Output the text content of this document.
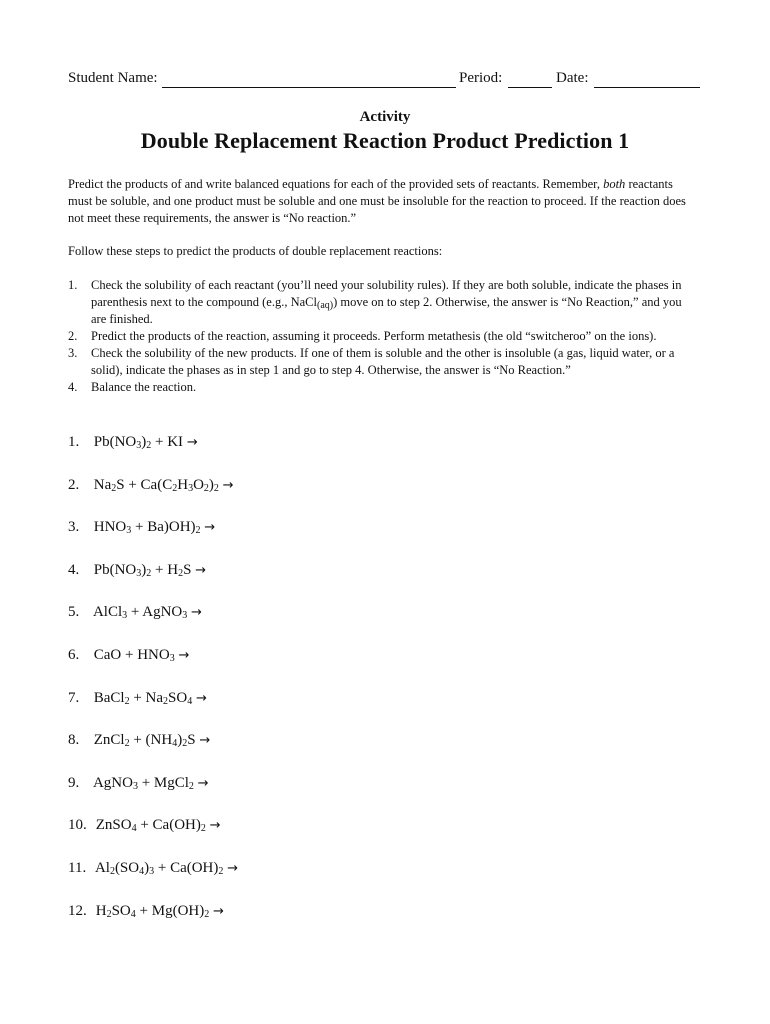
Student Name:	Period:	Date:
Activity
Double Replacement Reaction Product Prediction 1

Predict the products of and write balanced equations for each of the provided sets of reactants. Remember, both reactants must be soluble, and one product must be soluble and one must be insoluble for the reaction to proceed. If the reaction does not meet these requirements, the answer is “No reaction.”

Follow these steps to predict the products of double replacement reactions:

1. Check the solubility of each reactant (you’ll need your solubility rules). If they are both soluble, indicate the phases in parenthesis next to the compound (e.g., NaCl$_{(aq)}$) move on to step 2. Otherwise, the answer is “No Reaction,” and you are finished.
2. Predict the products of the reaction, assuming it proceeds. Perform metathesis (the old “switcheroo” on the ions).
3. Check the solubility of the new products. If one of them is soluble and the other is insoluble (a gas, liquid water, or a solid), indicate the phases as in step 1 and go to step 4. Otherwise, the answer is “No Reaction.”
4. Balance the reaction.
1. $Pb(NO_3)_2$ + KI →
2. $Na_2S + Ca(C_2H_3O_2)_2$ →
3. $HNO_3 + Ba)OH)_2$ →
4. $Pb(NO_3)_2 + H_2S$ →
5. AlCl$_3$ + AgNO$_3$ →
6. CaO + $HNO_3$ →
7. BaCl$_2$ + $Na_2SO_4$ →
8. ZnCl$_2$ + $(NH_4)_2S$ →
9. AgNO$_3$ + MgCl$_2$ →
10. ZnSO$_4$ + $Ca(OH)_2$ →
11. $Al_2(SO_4)_3 + Ca(OH)_2$ →
12. $H_2SO_4 + Mg(OH)_2$ →
